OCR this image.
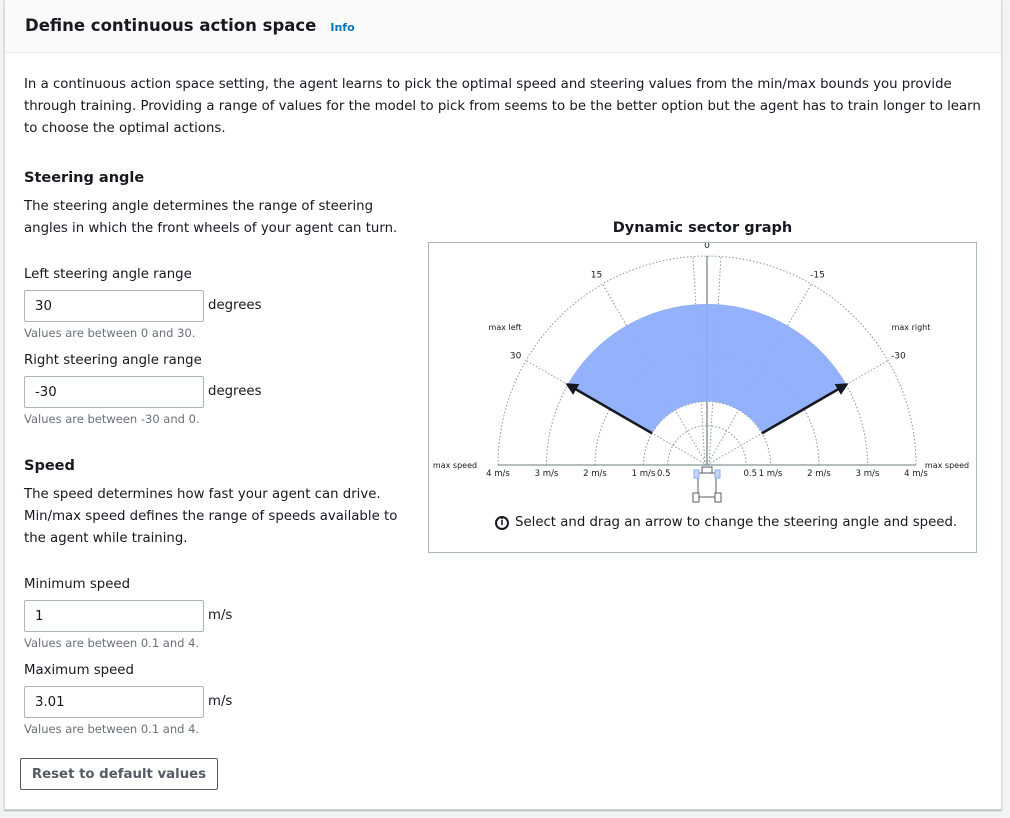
Define continuous action space Info
In a continuous action space setting, the agent learns to pick the optimal speed and steering values from the min/max bounds you provide through training. Providing a range of values for the model to pick from seems to be the better option but the agent has to train longer to learn to choose the optimal actions.
Steering angle
The steering angle determines the range of steering angles in which the front wheels of your agent can turn.
Left steering angle range
30
degrees
Values are between 0 and 30.
Right steering angle range
-30
degrees
Values are between -30 and 0.
Speed
The speed determines how fast your agent can drive. Min/max speed defines the range of speeds available to the agent while training.
Minimum speed
1
m/s
Values are between 0.1 and 4.
Maximum speed
3.01
m/s
Values are between 0.1 and 4.
Reset to default values
Dynamic sector graph
0
15	-15
30	-30
4 m/s	3 m/s	2 m/s	1 m/s 0.5	0.5 1 m/s	2 m/s	3 m/s	4 m/s
max left	max right
max speed	max speed
i Select and drag an arrow to change the steering angle and speed.
